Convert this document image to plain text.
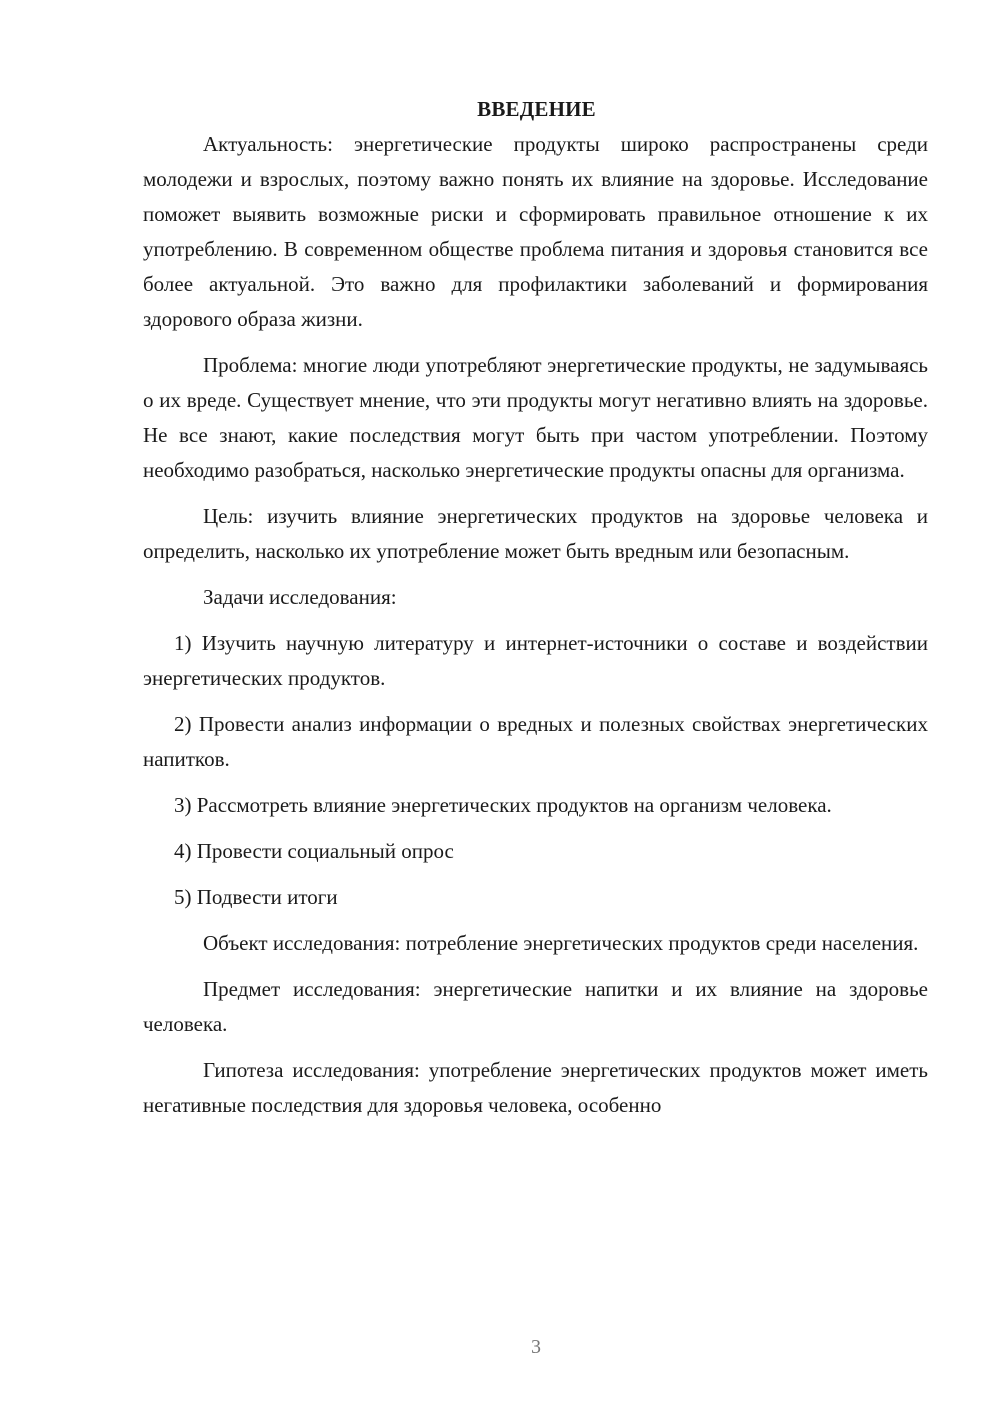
ВВЕДЕНИЕ

Актуальность: энергетические продукты широко распространены среди молодежи и взрослых, поэтому важно понять их влияние на здоровье. Исследование поможет выявить возможные риски и сформировать правильное отношение к их употреблению. В современном обществе проблема питания и здоровья становится все более актуальной. Это важно для профилактики заболеваний и формирования здорового образа жизни.

Проблема: многие люди употребляют энергетические продукты, не задумываясь о их вреде. Существует мнение, что эти продукты могут негативно влиять на здоровье. Не все знают, какие последствия могут быть при частом употреблении. Поэтому необходимо разобраться, насколько энергетические продукты опасны для организма.

Цель: изучить влияние энергетических продуктов на здоровье человека и определить, насколько их употребление может быть вредным или безопасным.

Задачи исследования:

1) Изучить научную литературу и интернет-источники о составе и воздействии энергетических продуктов.

2) Провести анализ информации о вредных и полезных свойствах энергетических напитков.

3) Рассмотреть влияние энергетических продуктов на организм человека.

4) Провести социальный опрос

5) Подвести итоги

Объект исследования: потребление энергетических продуктов среди населения.

Предмет исследования: энергетические напитки и их влияние на здоровье человека.

Гипотеза исследования: употребление энергетических продуктов может иметь негативные последствия для здоровья человека, особенно

3
